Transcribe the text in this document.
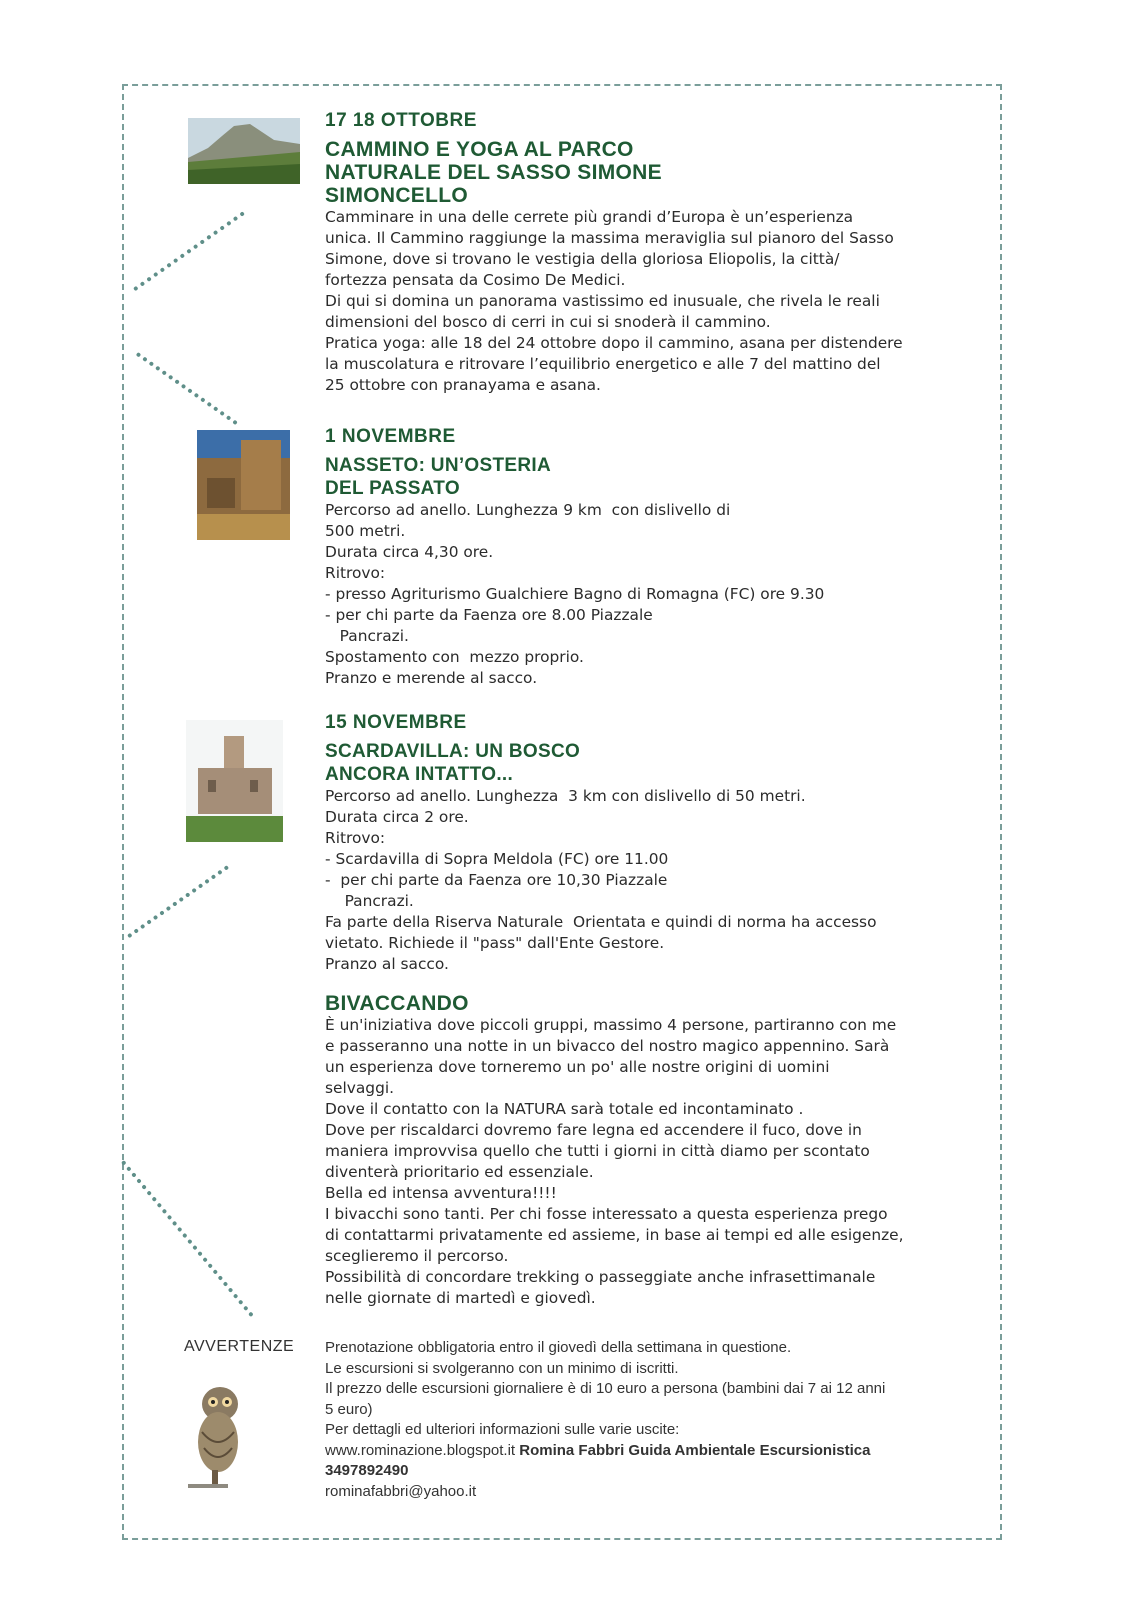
17 18 OTTOBRE
CAMMINO E YOGA AL PARCO
NATURALE DEL SASSO SIMONE
SIMONCELLO
Camminare in una delle cerrete più grandi d’Europa è un’esperienza
unica. Il Cammino raggiunge la massima meraviglia sul pianoro del Sasso
Simone, dove si trovano le vestigia della gloriosa Eliopolis, la città/
fortezza pensata da Cosimo De Medici.
Di qui si domina un panorama vastissimo ed inusuale, che rivela le reali
dimensioni del bosco di cerri in cui si snoderà il cammino.
Pratica yoga: alle 18 del 24 ottobre dopo il cammino, asana per distendere
la muscolatura e ritrovare l’equilibrio energetico e alle 7 del mattino del
25 ottobre con pranayama e asana.
1 NOVEMBRE
NASSETO: UN’OSTERIA
DEL PASSATO
Percorso ad anello. Lunghezza 9 km  con dislivello di
500 metri.
Durata circa 4,30 ore.
Ritrovo:
- presso Agriturismo Gualchiere Bagno di Romagna (FC) ore 9.30
- per chi parte da Faenza ore 8.00 Piazzale
Pancrazi.
Spostamento con  mezzo proprio.
Pranzo e merende al sacco.
15 NOVEMBRE
SCARDAVILLA: UN BOSCO
ANCORA INTATTO...
Percorso ad anello. Lunghezza  3 km con dislivello di 50 metri.
Durata circa 2 ore.
Ritrovo:
- Scardavilla di Sopra Meldola (FC) ore 11.00
-  per chi parte da Faenza ore 10,30 Piazzale
Pancrazi.
Fa parte della Riserva Naturale  Orientata e quindi di norma ha accesso
vietato. Richiede il "pass" dall'Ente Gestore.
Pranzo al sacco.
BIVACCANDO
È un'iniziativa dove piccoli gruppi, massimo 4 persone, partiranno con me
e passeranno una notte in un bivacco del nostro magico appennino. Sarà
un esperienza dove torneremo un po' alle nostre origini di uomini
selvaggi.
Dove il contatto con la NATURA sarà totale ed incontaminato .
Dove per riscaldarci dovremo fare legna ed accendere il fuco, dove in
maniera improvvisa quello che tutti i giorni in città diamo per scontato
diventerà prioritario ed essenziale.
Bella ed intensa avventura!!!!
I bivacchi sono tanti. Per chi fosse interessato a questa esperienza prego
di contattarmi privatamente ed assieme, in base ai tempi ed alle esigenze,
sceglieremo il percorso.
Possibilità di concordare trekking o passeggiate anche infrasettimanale
nelle giornate di martedì e giovedì.
AVVERTENZE Prenotazione obbligatoria entro il giovedì della settimana in questione.
Le escursioni si svolgeranno con un minimo di iscritti.
Il prezzo delle escursioni giornaliere è di 10 euro a persona (bambini dai 7 ai 12 anni
5 euro)
Per dettagli ed ulteriori informazioni sulle varie uscite:
www.rominazione.blogspot.it Romina Fabbri Guida Ambientale Escursionistica
3497892490
rominafabbri@yahoo.it
